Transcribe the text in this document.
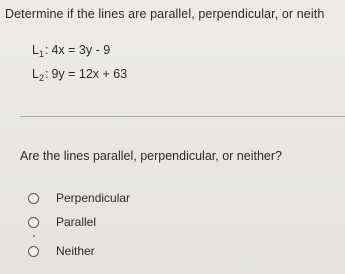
Determine if the lines are parallel, perpendicular, or neith
$L_1$: 4x = 3y - 9
$L_2$: 9y = 12x + 63
Are the lines parallel, perpendicular, or neither?
Perpendicular
Parallel
Neither
